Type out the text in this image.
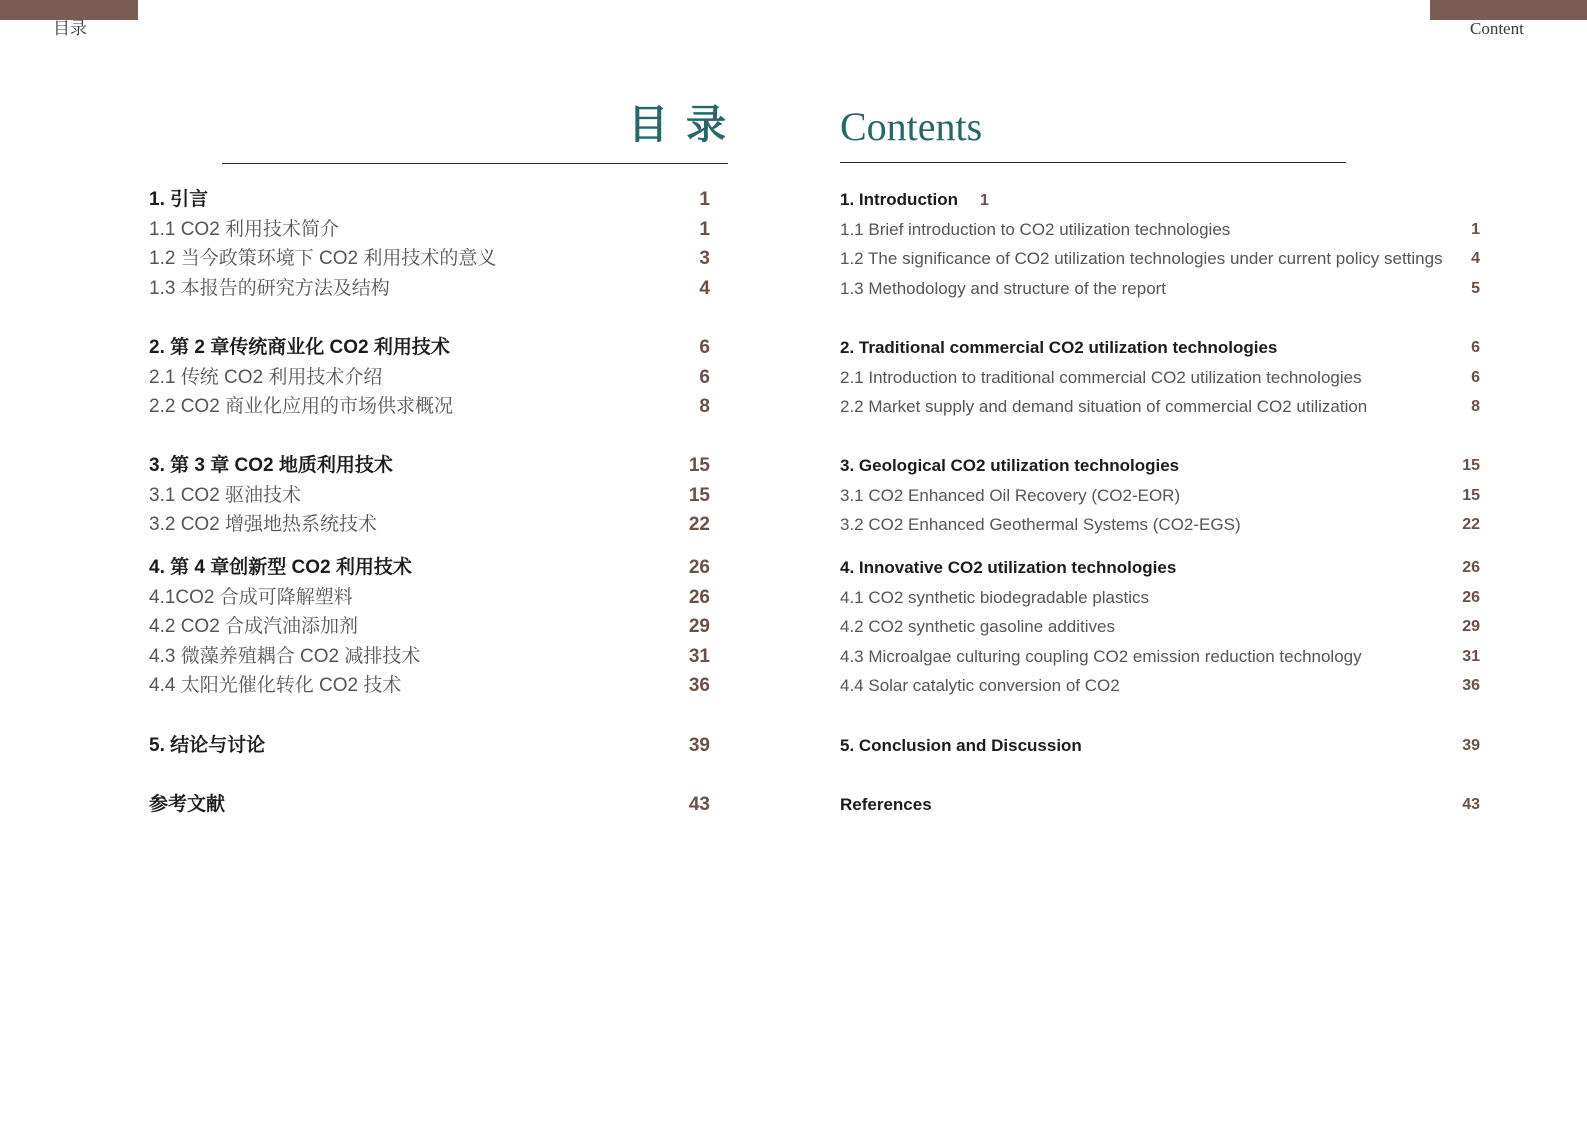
目录	Content
目 录	Contents
1. 引言	1
1.1 CO2 利用技术简介	1
1.2 当今政策环境下 CO2 利用技术的意义	3
1.3 本报告的研究方法及结构	4
2. 第 2 章传统商业化 CO2 利用技术	6
2.1 传统 CO2 利用技术介绍	6
2.2 CO2 商业化应用的市场供求概况	8
3. 第 3 章 CO2 地质利用技术	15
3.1 CO2 驱油技术	15
3.2 CO2 增强地热系统技术	22
4. 第 4 章创新型 CO2 利用技术	26
4.1CO2 合成可降解塑料	26
4.2 CO2 合成汽油添加剂	29
4.3 微藻养殖耦合 CO2 减排技术	31
4.4 太阳光催化转化 CO2 技术	36
5. 结论与讨论	39
参考文献	43
1. Introduction 1
1.1 Brief introduction to CO2 utilization technologies	1
1.2 The significance of CO2 utilization technologies under current policy settings 4
1.3 Methodology and structure of the report	5
2. Traditional commercial CO2 utilization technologies	6
2.1 Introduction to traditional commercial CO2 utilization technologies	6
2.2 Market supply and demand situation of commercial CO2 utilization	8
3. Geological CO2 utilization technologies	15
3.1 CO2 Enhanced Oil Recovery (CO2-EOR)	15
3.2 CO2 Enhanced Geothermal Systems (CO2-EGS)	22
4. Innovative CO2 utilization technologies	26
4.1 CO2 synthetic biodegradable plastics	26
4.2 CO2 synthetic gasoline additives	29
4.3 Microalgae culturing coupling CO2 emission reduction technology	31
4.4 Solar catalytic conversion of CO2	36
5. Conclusion and Discussion	39
References	43
